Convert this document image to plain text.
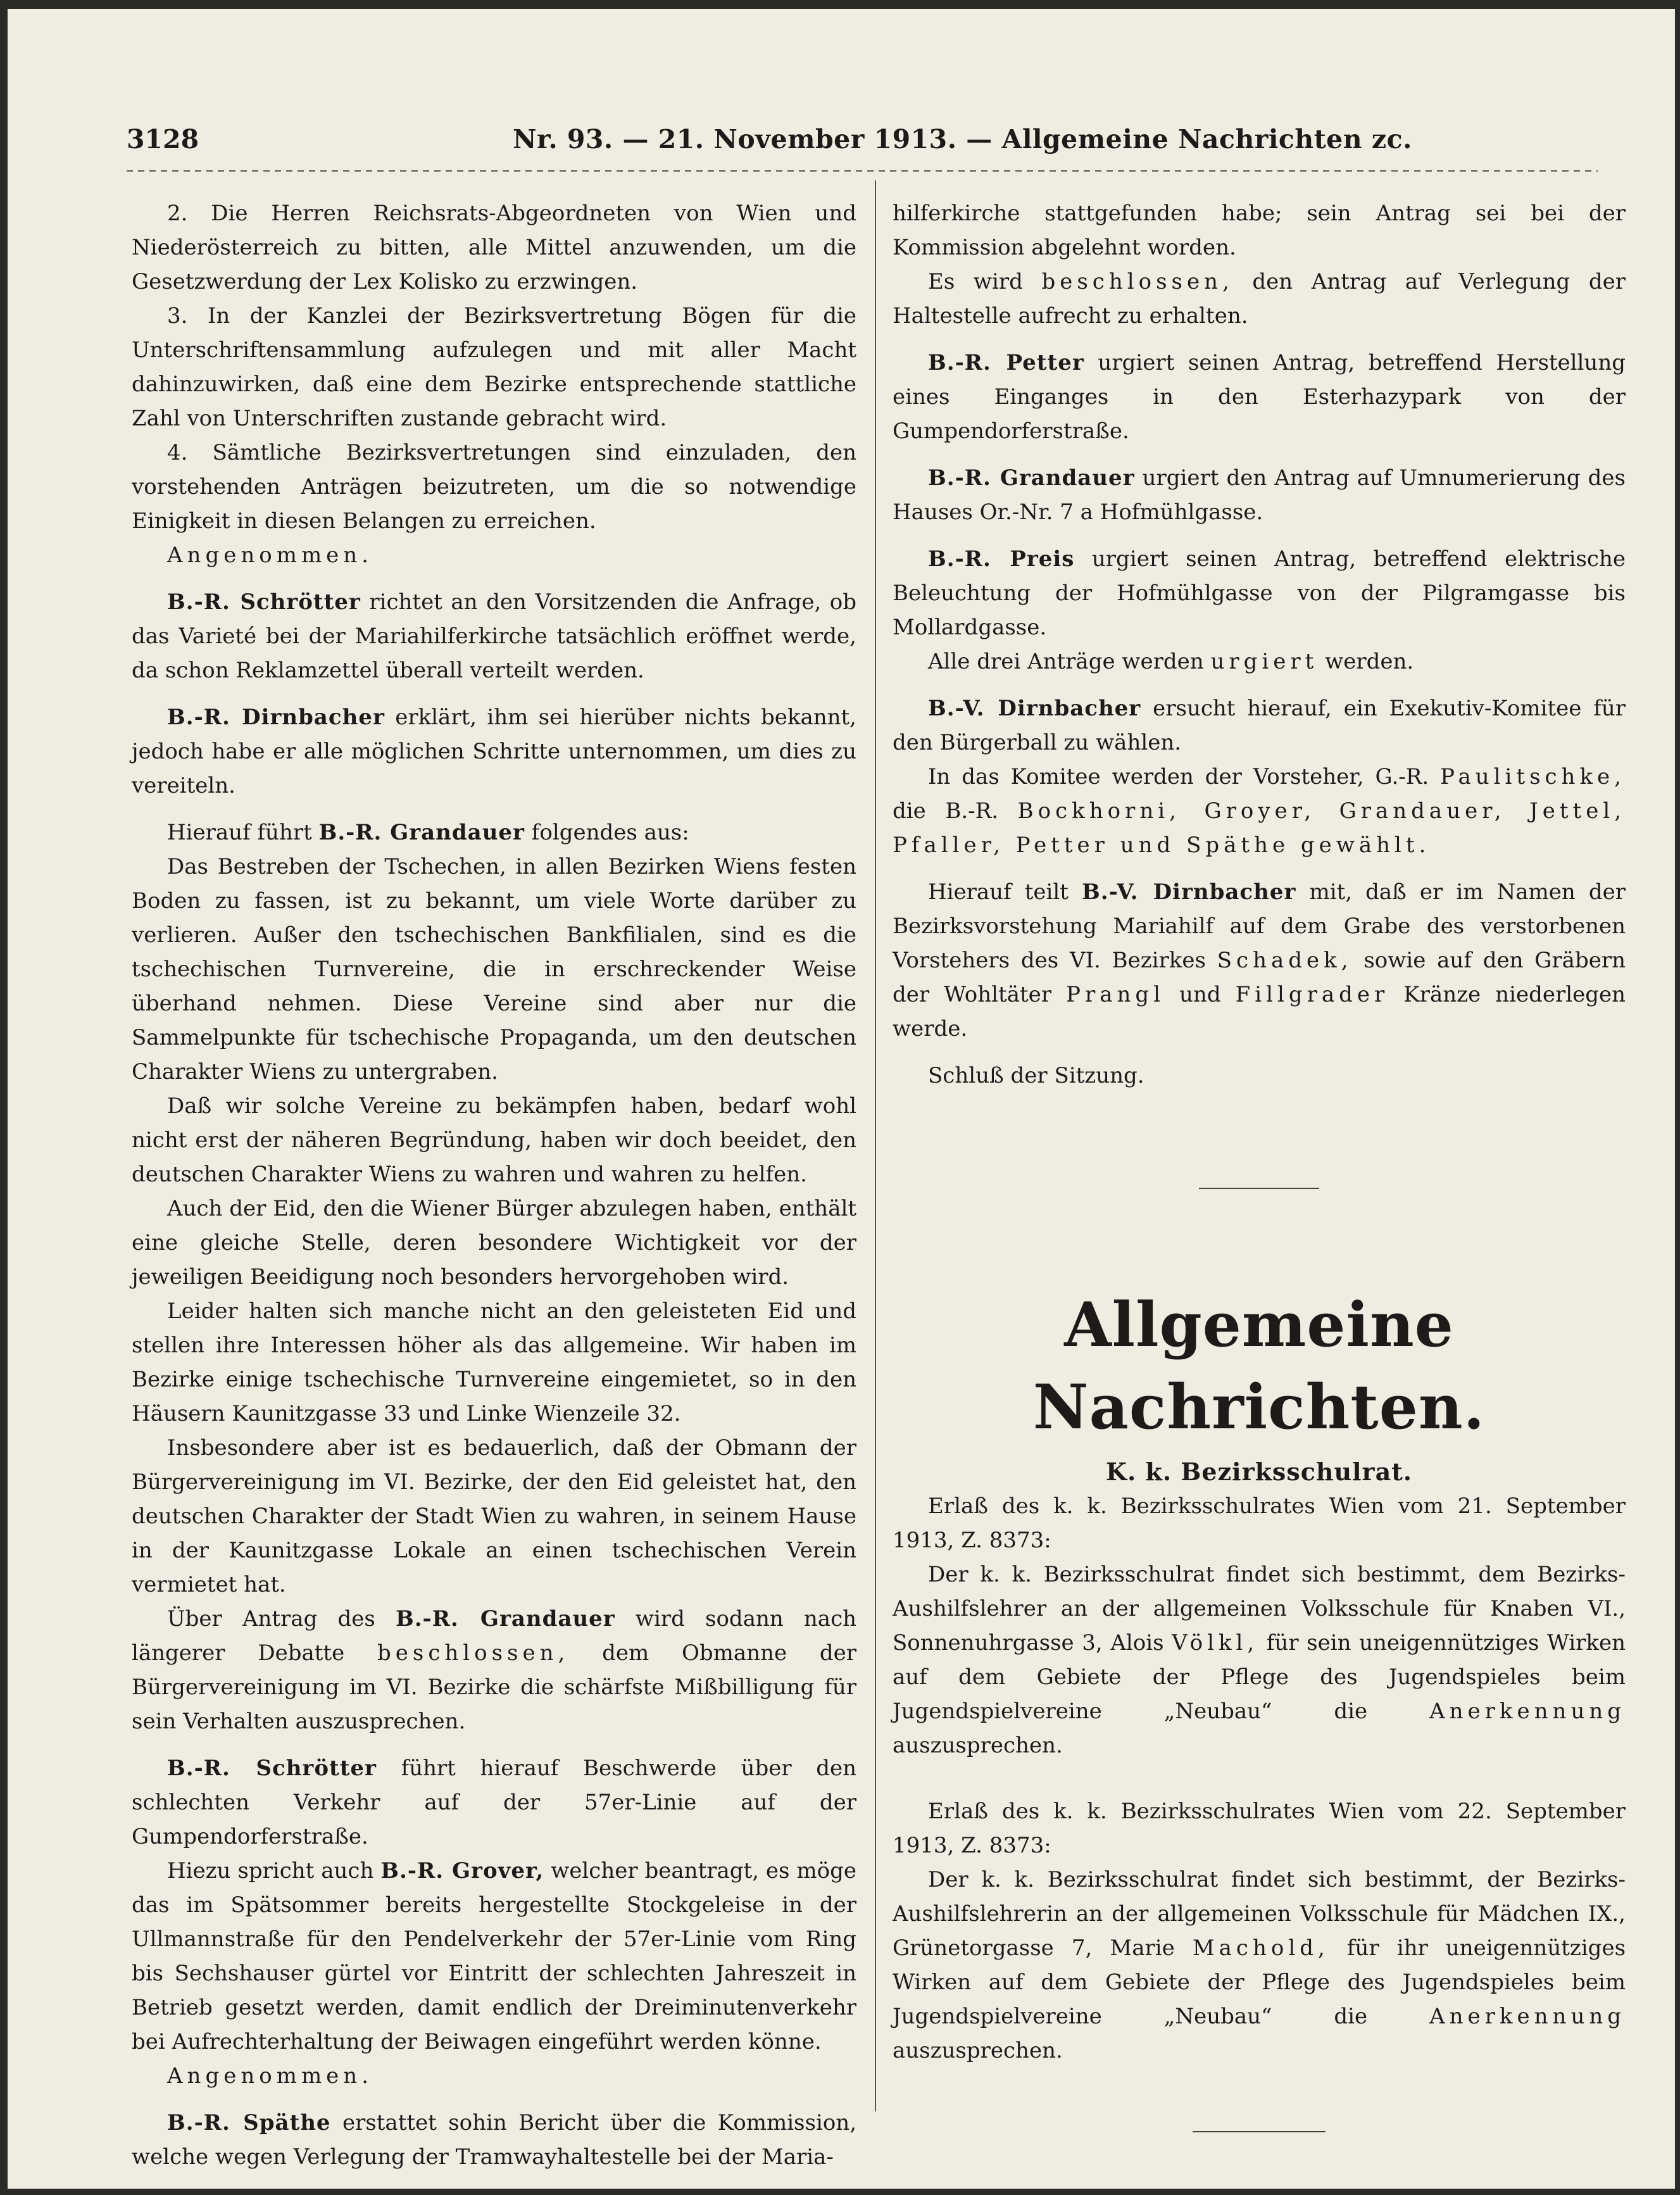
3128	Nr. 93. — 21. November 1913. — Allgemeine Nachrichten zc.

2. Die Herren Reichsrats-Abgeordneten von Wien und Niederösterreich zu bitten, alle Mittel anzuwenden, um die Gesetzwerdung der Lex Kolisko zu erzwingen.

3. In der Kanzlei der Bezirksvertretung Bögen für die Unterschriftensammlung aufzulegen und mit aller Macht dahinzuwirken, daß eine dem Bezirke entsprechende stattliche Zahl von Unterschriften zustande gebracht wird.

4. Sämtliche Bezirksvertretungen sind einzuladen, den vorstehenden Anträgen beizutreten, um die so notwendige Einigkeit in diesen Belangen zu erreichen.

Angenommen.

B.-R. Schrötter richtet an den Vorsitzenden die Anfrage, ob das Varieté bei der Mariahilferkirche tatsächlich eröffnet werde, da schon Reklamzettel überall verteilt werden.

B.-R. Dirnbacher erklärt, ihm sei hierüber nichts bekannt, jedoch habe er alle möglichen Schritte unternommen, um dies zu vereiteln.

Hierauf führt B.-R. Grandauer folgendes aus:

Das Bestreben der Tschechen, in allen Bezirken Wiens festen Boden zu fassen, ist zu bekannt, um viele Worte darüber zu verlieren. Außer den tschechischen Bankfilialen, sind es die tschechischen Turnvereine, die in erschreckender Weise überhand nehmen. Diese Vereine sind aber nur die Sammelpunkte für tschechische Propaganda, um den deutschen Charakter Wiens zu untergraben.

Daß wir solche Vereine zu bekämpfen haben, bedarf wohl nicht erst der näheren Begründung, haben wir doch beeidet, den deutschen Charakter Wiens zu wahren und wahren zu helfen.

Auch der Eid, den die Wiener Bürger abzulegen haben, enthält eine gleiche Stelle, deren besondere Wichtigkeit vor der jeweiligen Beeidigung noch besonders hervorgehoben wird.

Leider halten sich manche nicht an den geleisteten Eid und stellen ihre Interessen höher als das allgemeine. Wir haben im Bezirke einige tschechische Turnvereine eingemietet, so in den Häusern Kaunitzgasse 33 und Linke Wienzeile 32.

Insbesondere aber ist es bedauerlich, daß der Obmann der Bürgervereinigung im VI. Bezirke, der den Eid geleistet hat, den deutschen Charakter der Stadt Wien zu wahren, in seinem Hause in der Kaunitzgasse Lokale an einen tschechischen Verein vermietet hat.

Über Antrag des B.-R. Grandauer wird sodann nach längerer Debatte beschlossen, dem Obmanne der Bürgervereinigung im VI. Bezirke die schärfste Mißbilligung für sein Verhalten auszusprechen.

B.-R. Schrötter führt hierauf Beschwerde über den schlechten Verkehr auf der 57er-Linie auf der Gumpendorferstraße.

Hiezu spricht auch B.-R. Grover, welcher beantragt, es möge das im Spätsommer bereits hergestellte Stockgeleise in der Ullmannstraße für den Pendelverkehr der 57er-Linie vom Ring bis Sechshauser gürtel vor Eintritt der schlechten Jahreszeit in Betrieb gesetzt werden, damit endlich der Dreiminutenverkehr bei Aufrechterhaltung der Beiwagen eingeführt werden könne.

Angenommen.

B.-R. Späthe erstattet sohin Bericht über die Kommission, welche wegen Verlegung der Tramwayhaltestelle bei der Maria-

hilferkirche stattgefunden habe; sein Antrag sei bei der Kommission abgelehnt worden.

Es wird beschlossen, den Antrag auf Verlegung der Haltestelle aufrecht zu erhalten.

B.-R. Petter urgiert seinen Antrag, betreffend Herstellung eines Einganges in den Esterhazypark von der Gumpendorferstraße.

B.-R. Grandauer urgiert den Antrag auf Umnumerierung des Hauses Or.-Nr. 7 a Hofmühlgasse.

B.-R. Preis urgiert seinen Antrag, betreffend elektrische Beleuchtung der Hofmühlgasse von der Pilgramgasse bis Mollardgasse.

Alle drei Anträge werden urgiert werden.

B.-V. Dirnbacher ersucht hierauf, ein Exekutiv-Komitee für den Bürgerball zu wählen.

In das Komitee werden der Vorsteher, G.-R. Paulitschke, die B.-R. Bockhorni, Groyer, Grandauer, Jettel, Pfaller, Petter und Späthe gewählt.

Hierauf teilt B.-V. Dirnbacher mit, daß er im Namen der Bezirksvorstehung Mariahilf auf dem Grabe des verstorbenen Vorstehers des VI. Bezirkes Schadek, sowie auf den Gräbern der Wohltäter Prangl und Fillgrader Kränze niederlegen werde.

Schluß der Sitzung.

Allgemeine Nachrichten.
K. k. Bezirksschulrat.

Erlaß des k. k. Bezirksschulrates Wien vom 21. September 1913, Z. 8373:

Der k. k. Bezirksschulrat findet sich bestimmt, dem Bezirks-Aushilfslehrer an der allgemeinen Volksschule für Knaben VI., Sonnenuhrgasse 3, Alois Völkl, für sein uneigennütziges Wirken auf dem Gebiete der Pflege des Jugendspieles beim Jugendspielvereine „Neubau“ die	Anerkennung auszusprechen.

Erlaß des k. k. Bezirksschulrates Wien vom 22. September 1913, Z. 8373:

Der k. k. Bezirksschulrat findet sich bestimmt, der Bezirks-Aushilfslehrerin an der allgemeinen Volksschule für Mädchen IX., Grünetorgasse 7, Marie Machold, für ihr uneigennütziges Wirken auf dem Gebiete der Pflege des Jugendspieles beim Jugendspielvereine „Neubau“ die	Anerkennung auszusprechen.
